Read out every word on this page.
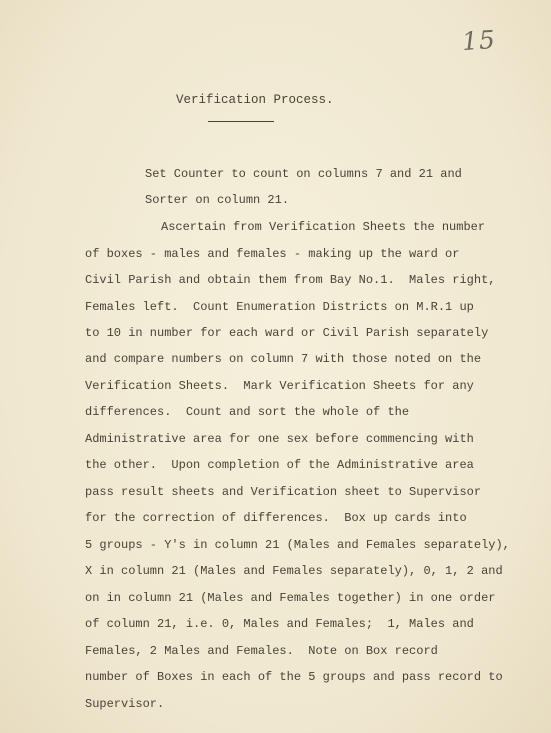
15
Verification Process.
Set Counter to count on columns 7 and 21 and
Sorter on column 21.
Ascertain from Verification Sheets the number
of boxes - males and females - making up the ward or
Civil Parish and obtain them from Bay No.1.  Males right,
Females left.  Count Enumeration Districts on M.R.1 up
to 10 in number for each ward or Civil Parish separately
and compare numbers on column 7 with those noted on the
Verification Sheets.  Mark Verification Sheets for any
differences.  Count and sort the whole of the
Administrative area for one sex before commencing with
the other.  Upon completion of the Administrative area
pass result sheets and Verification sheet to Supervisor
for the correction of differences.  Box up cards into
5 groups - Y's in column 21 (Males and Females separately),
X in column 21 (Males and Females separately), 0, 1, 2 and
on in column 21 (Males and Females together) in one order
of column 21, i.e. 0, Males and Females;  1, Males and
Females, 2 Males and Females.  Note on Box record
number of Boxes in each of the 5 groups and pass record to
Supervisor.
